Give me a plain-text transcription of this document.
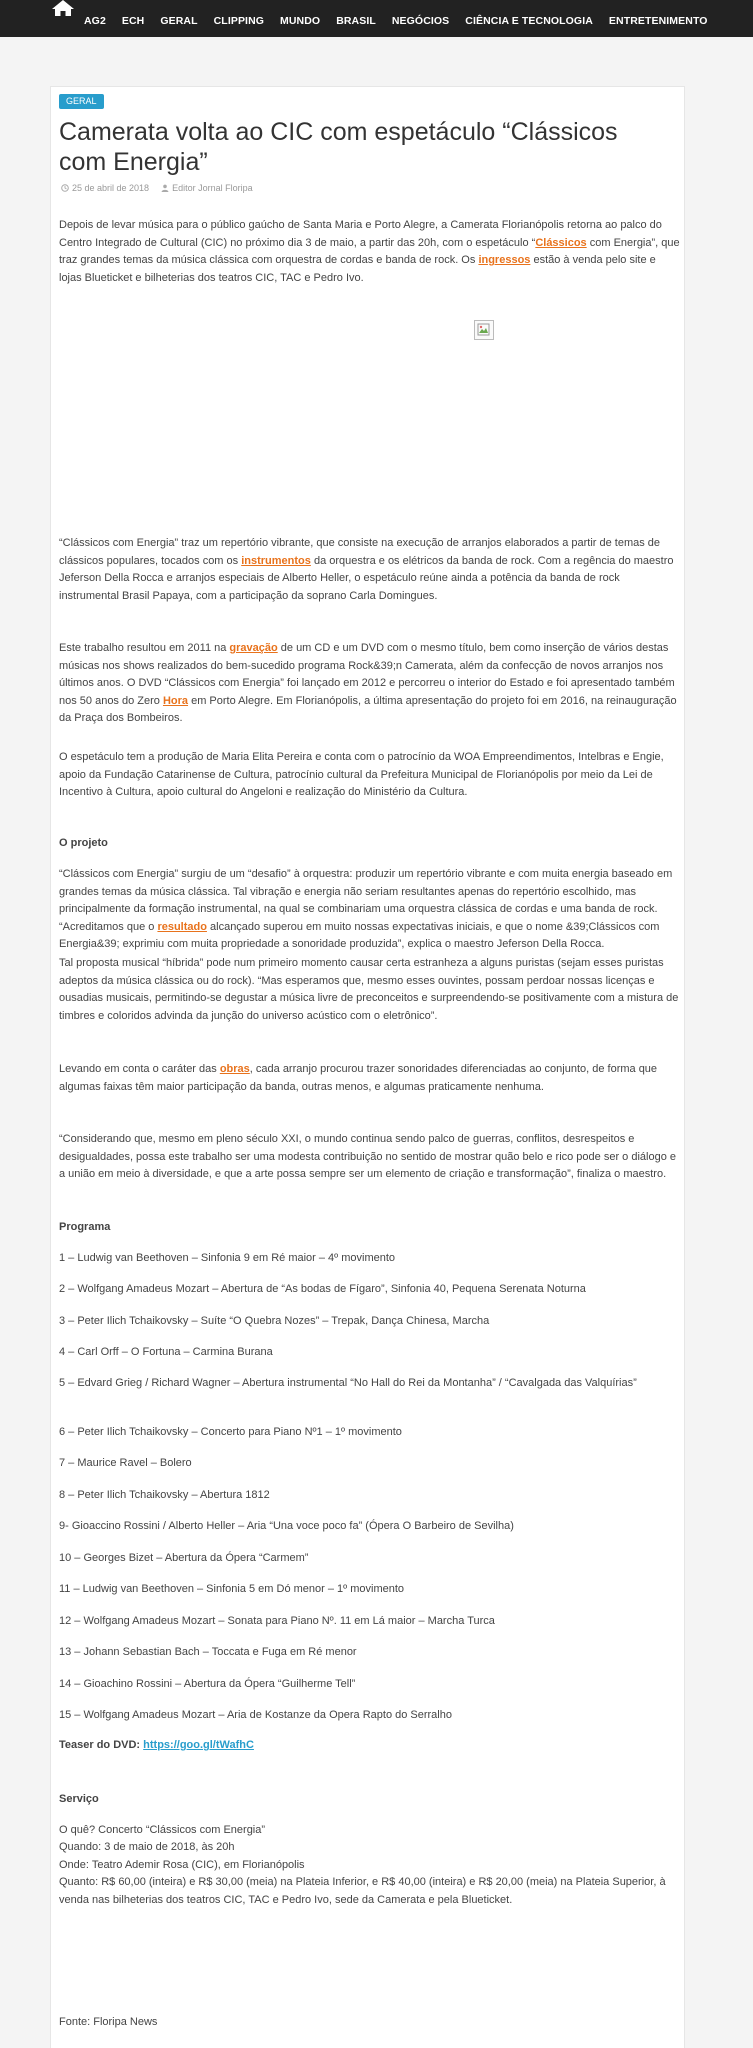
AG2 ECH GERAL CLIPPING MUNDO BRASIL NEGÓCIOS CIÊNCIA E TECNOLOGIA ENTRETENIMENTO
GERAL
Camerata volta ao CIC com espetáculo “Clássicos com Energia”
25 de abril de 2018	Editor Jornal Floripa

Depois de levar música para o público gaúcho de Santa Maria e Porto Alegre, a Camerata Florianópolis retorna ao palco do Centro Integrado de Cultural (CIC) no próximo dia 3 de maio, a partir das 20h, com o espetáculo “Clássicos com Energia”, que traz grandes temas da música clássica com orquestra de cordas e banda de rock. Os ingressos estão à venda pelo site e lojas Blueticket e bilheterias dos teatros CIC, TAC e Pedro Ivo.

“Clássicos com Energia” traz um repertório vibrante, que consiste na execução de arranjos elaborados a partir de temas de clássicos populares, tocados com os instrumentos da orquestra e os elétricos da banda de rock. Com a regência do maestro Jeferson Della Rocca e arranjos especiais de Alberto Heller, o espetáculo reúne ainda a potência da banda de rock instrumental Brasil Papaya, com a participação da soprano Carla Domingues.

Este trabalho resultou em 2011 na gravação de um CD e um DVD com o mesmo título, bem como inserção de vários destas músicas nos shows realizados do bem-sucedido programa Rock&39;n Camerata, além da confecção de novos arranjos nos últimos anos. O DVD “Clássicos com Energia” foi lançado em 2012 e percorreu o interior do Estado e foi apresentado também nos 50 anos do Zero Hora em Porto Alegre. Em Florianópolis, a última apresentação do projeto foi em 2016, na reinauguração da Praça dos Bombeiros.

O espetáculo tem a produção de Maria Elita Pereira e conta com o patrocínio da WOA Empreendimentos, Intelbras e Engie, apoio da Fundação Catarinense de Cultura, patrocínio cultural da Prefeitura Municipal de Florianópolis por meio da Lei de Incentivo à Cultura, apoio cultural do Angeloni e realização do Ministério da Cultura.

O projeto

“Clássicos com Energia” surgiu de um “desafio” à orquestra: produzir um repertório vibrante e com muita energia baseado em grandes temas da música clássica. Tal vibração e energia não seriam resultantes apenas do repertório escolhido, mas principalmente da formação instrumental, na qual se combinariam uma orquestra clássica de cordas e uma banda de rock. “Acreditamos que o resultado alcançado superou em muito nossas expectativas iniciais, e que o nome &39;Clássicos com Energia&39; exprimiu com muita propriedade a sonoridade produzida”, explica o maestro Jeferson Della Rocca.

Tal proposta musical “híbrida” pode num primeiro momento causar certa estranheza a alguns puristas (sejam esses puristas adeptos da música clássica ou do rock). “Mas esperamos que, mesmo esses ouvintes, possam perdoar nossas licenças e ousadias musicais, permitindo-se degustar a música livre de preconceitos e surpreendendo-se positivamente com a mistura de timbres e coloridos advinda da junção do universo acústico com o eletrônico”.

Levando em conta o caráter das obras, cada arranjo procurou trazer sonoridades diferenciadas ao conjunto, de forma que algumas faixas têm maior participação da banda, outras menos, e algumas praticamente nenhuma.

“Considerando que, mesmo em pleno século XXI, o mundo continua sendo palco de guerras, conflitos, desrespeitos e desigualdades, possa este trabalho ser uma modesta contribuição no sentido de mostrar quão belo e rico pode ser o diálogo e a união em meio à diversidade, e que a arte possa sempre ser um elemento de criação e transformação”, finaliza o maestro.

Programa

1 – Ludwig van Beethoven – Sinfonia 9 em Ré maior – 4º movimento

2 – Wolfgang Amadeus Mozart – Abertura de “As bodas de Fígaro”, Sinfonia 40, Pequena Serenata Noturna

3 – Peter Ilich Tchaikovsky – Suíte “O Quebra Nozes” – Trepak, Dança Chinesa, Marcha

4 – Carl Orff – O Fortuna – Carmina Burana

5 – Edvard Grieg / Richard Wagner – Abertura instrumental “No Hall do Rei da Montanha” / “Cavalgada das Valquírias”

6 – Peter Ilich Tchaikovsky – Concerto para Piano Nº1 – 1º movimento

7 – Maurice Ravel – Bolero

8 – Peter Ilich Tchaikovsky – Abertura 1812

9- Gioaccino Rossini / Alberto Heller – Aria “Una voce poco fa” (Ópera O Barbeiro de Sevilha)

10 – Georges Bizet – Abertura da Ópera “Carmem”

11 – Ludwig van Beethoven – Sinfonia 5 em Dó menor – 1º movimento

12 – Wolfgang Amadeus Mozart – Sonata para Piano Nº. 11 em Lá maior – Marcha Turca

13 – Johann Sebastian Bach – Toccata e Fuga em Ré menor

14 – Gioachino Rossini – Abertura da Ópera “Guilherme Tell”

15 – Wolfgang Amadeus Mozart – Aria de Kostanze da Opera Rapto do Serralho

Teaser do DVD: https://goo.gl/tWafhC

Serviço

O quê? Concerto “Clássicos com Energia”

Quando: 3 de maio de 2018, às 20h

Onde: Teatro Ademir Rosa (CIC), em Florianópolis

Quanto: R$ 60,00 (inteira) e R$ 30,00 (meia) na Plateia Inferior, e R$ 40,00 (inteira) e R$ 20,00 (meia) na Plateia Superior, à venda nas bilheterias dos teatros CIC, TAC e Pedro Ivo, sede da Camerata e pela Blueticket.

Fonte: Floripa News
